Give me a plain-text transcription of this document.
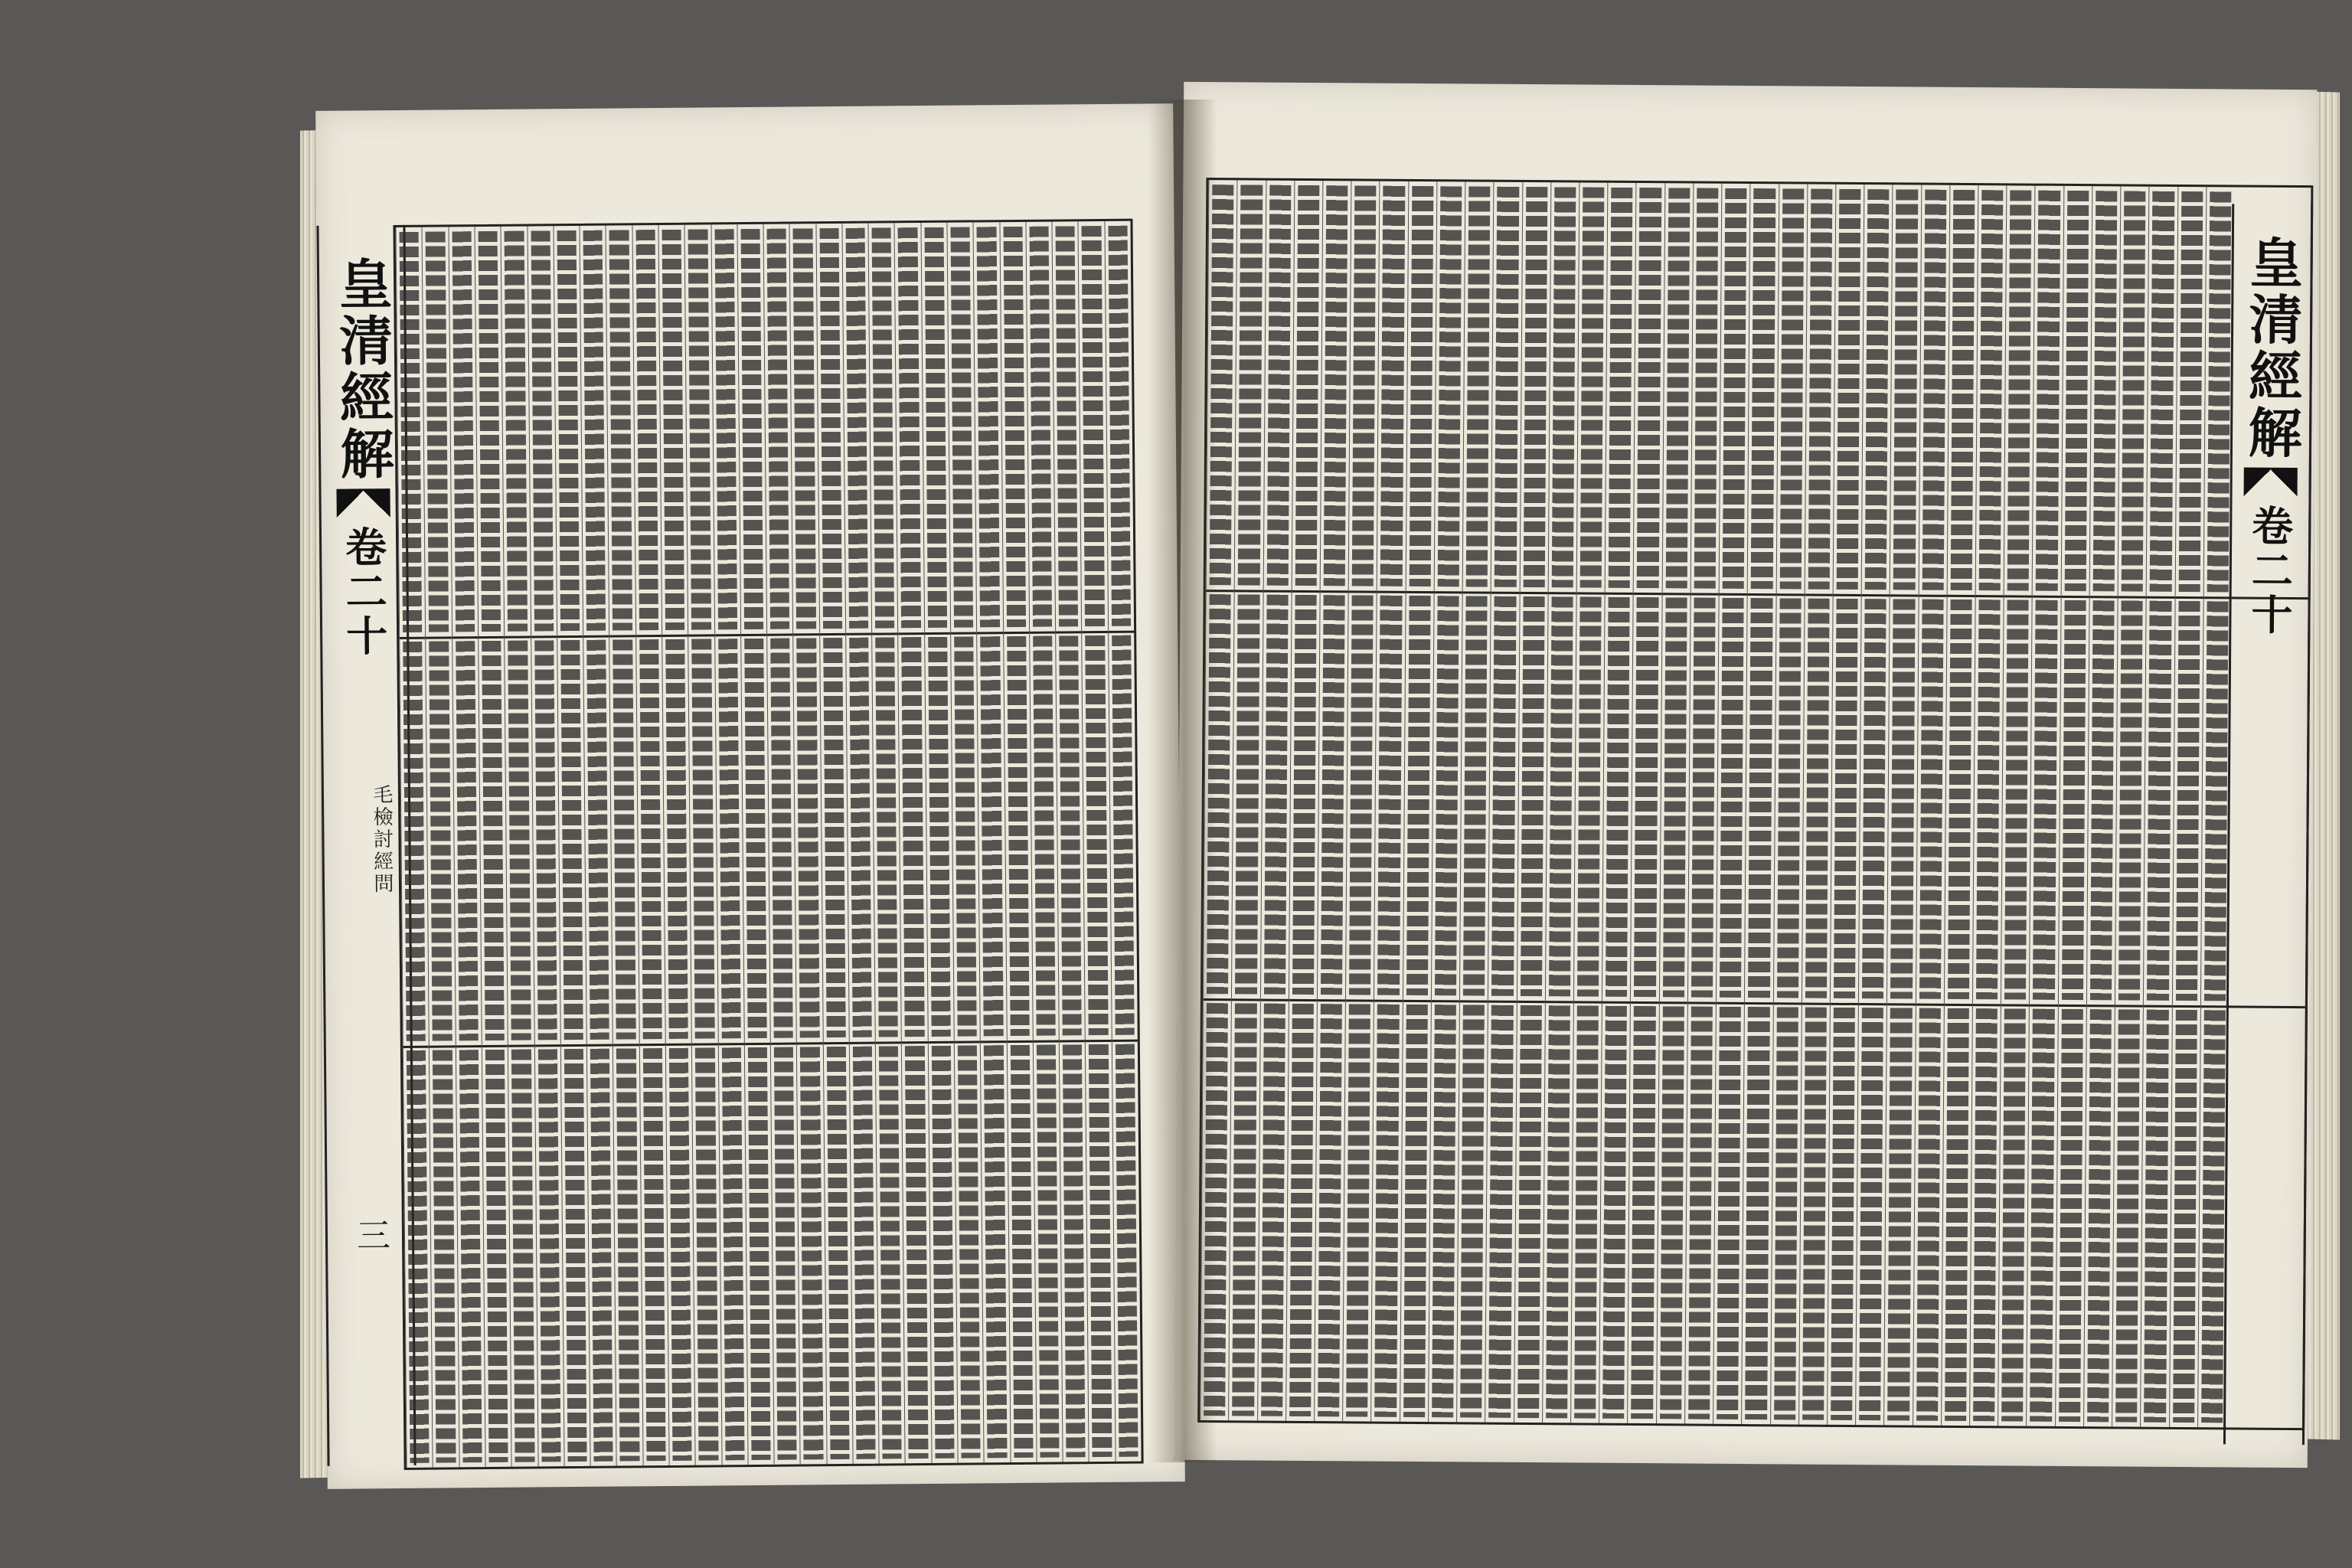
皇清經解
卷二十
三
毛檢討經問
皇清經解
卷二十
